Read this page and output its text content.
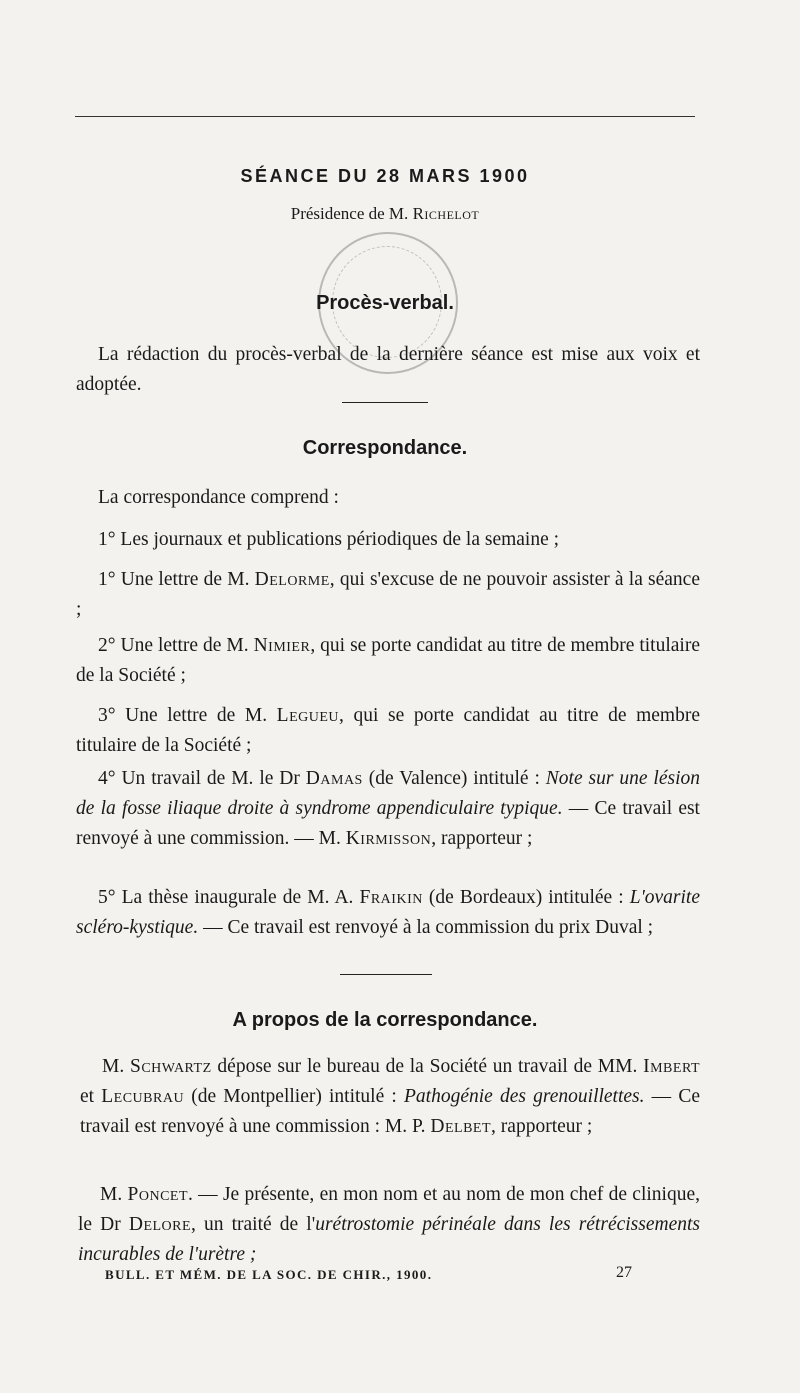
SÉANCE DU 28 MARS 1900
Présidence de M. Richelot
Procès-verbal.

La rédaction du procès-verbal de la dernière séance est mise aux voix et adoptée.

Correspondance.

La correspondance comprend :

1° Les journaux et publications périodiques de la semaine ;

1° Une lettre de M. Delorme, qui s'excuse de ne pouvoir assister à la séance ;

2° Une lettre de M. Nimier, qui se porte candidat au titre de membre titulaire de la Société ;

3° Une lettre de M. Legueu, qui se porte candidat au titre de membre titulaire de la Société ;

4° Un travail de M. le Dr Damas (de Valence) intitulé : Note sur une lésion de la fosse iliaque droite à syndrome appendiculaire typique. — Ce travail est renvoyé à une commission. — M. Kirmisson, rapporteur ;

5° La thèse inaugurale de M. A. Fraikin (de Bordeaux) intitulée : L'ovarite scléro-kystique. — Ce travail est renvoyé à la commission du prix Duval ;

A propos de la correspondance.

M. Schwartz dépose sur le bureau de la Société un travail de MM. Imbert et Lecubrau (de Montpellier) intitulé : Pathogénie des grenouillettes. — Ce travail est renvoyé à une commission : M. P. Delbet, rapporteur ;

M. Poncet. — Je présente, en mon nom et au nom de mon chef de clinique, le Dr Delore, un traité de l'urétrostomie périnéale dans les rétrécissements incurables de l'urètre ;

BULL. ET MÉM. DE LA SOC. DE CHIR., 1900.	27
